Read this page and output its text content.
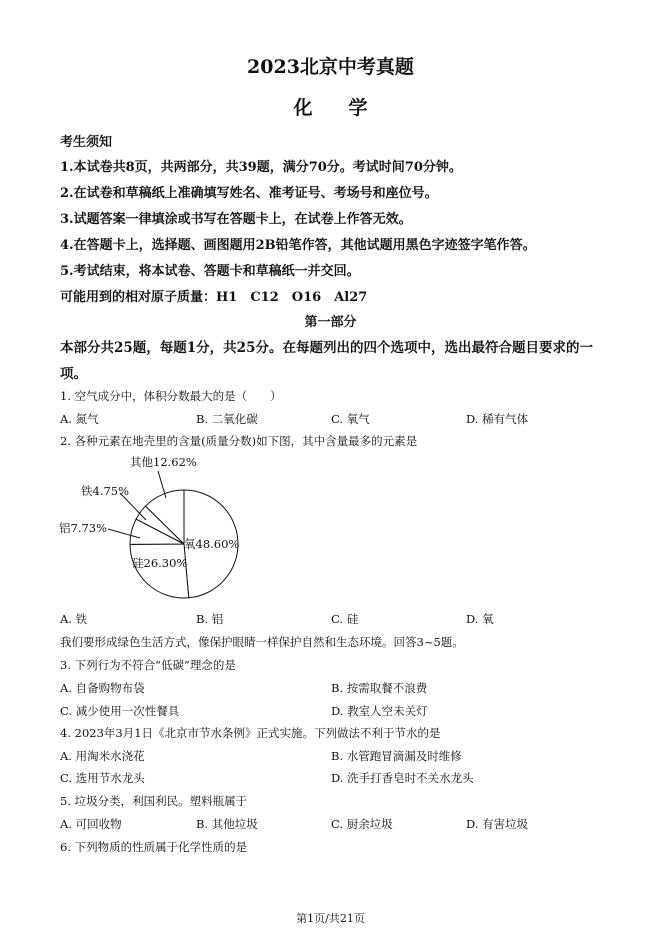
2023北京中考真题
化学
考生须知
1.本试卷共8页，共两部分，共39题，满分70分。考试时间70分钟。
2.在试卷和草稿纸上准确填写姓名、准考证号、考场号和座位号。
3.试题答案一律填涂或书写在答题卡上，在试卷上作答无效。
4.在答题卡上，选择题、画图题用2B铅笔作答，其他试题用黑色字迹签字笔作答。
5.考试结束，将本试卷、答题卡和草稿纸一并交回。
可能用到的相对原子质量：H1　C12　O16　Al27
第一部分
本部分共25题，每题1分，共25分。在每题列出的四个选项中，选出最符合题目要求的一
项。
1. 空气成分中，体积分数最大的是（　　）
A. 氮气	B. 二氧化碳	C. 氧气	D. 稀有气体
2. 各种元素在地壳里的含量(质量分数)如下图，其中含量最多的元素是
其他12.62%
铁4.75%
铝7.73%
氧48.60%
硅26.30%
A. 铁	B. 铝	C. 硅	D. 氧
我们要形成绿色生活方式，像保护眼睛一样保护自然和生态环境。回答3~5题。
3. 下列行为不符合“低碳”理念的是
A. 自备购物布袋	B. 按需取餐不浪费
C. 减少使用一次性餐具	D. 教室人空未关灯
4. 2023年3月1日《北京市节水条例》正式实施。下列做法不利于节水的是
A. 用淘米水浇花	B. 水管跑冒滴漏及时维修
C. 选用节水龙头	D. 洗手打香皂时不关水龙头
5. 垃圾分类，利国利民。塑料瓶属于
A. 可回收物	B. 其他垃圾	C. 厨余垃圾	D. 有害垃圾
6. 下列物质的性质属于化学性质的是
第1页/共21页
